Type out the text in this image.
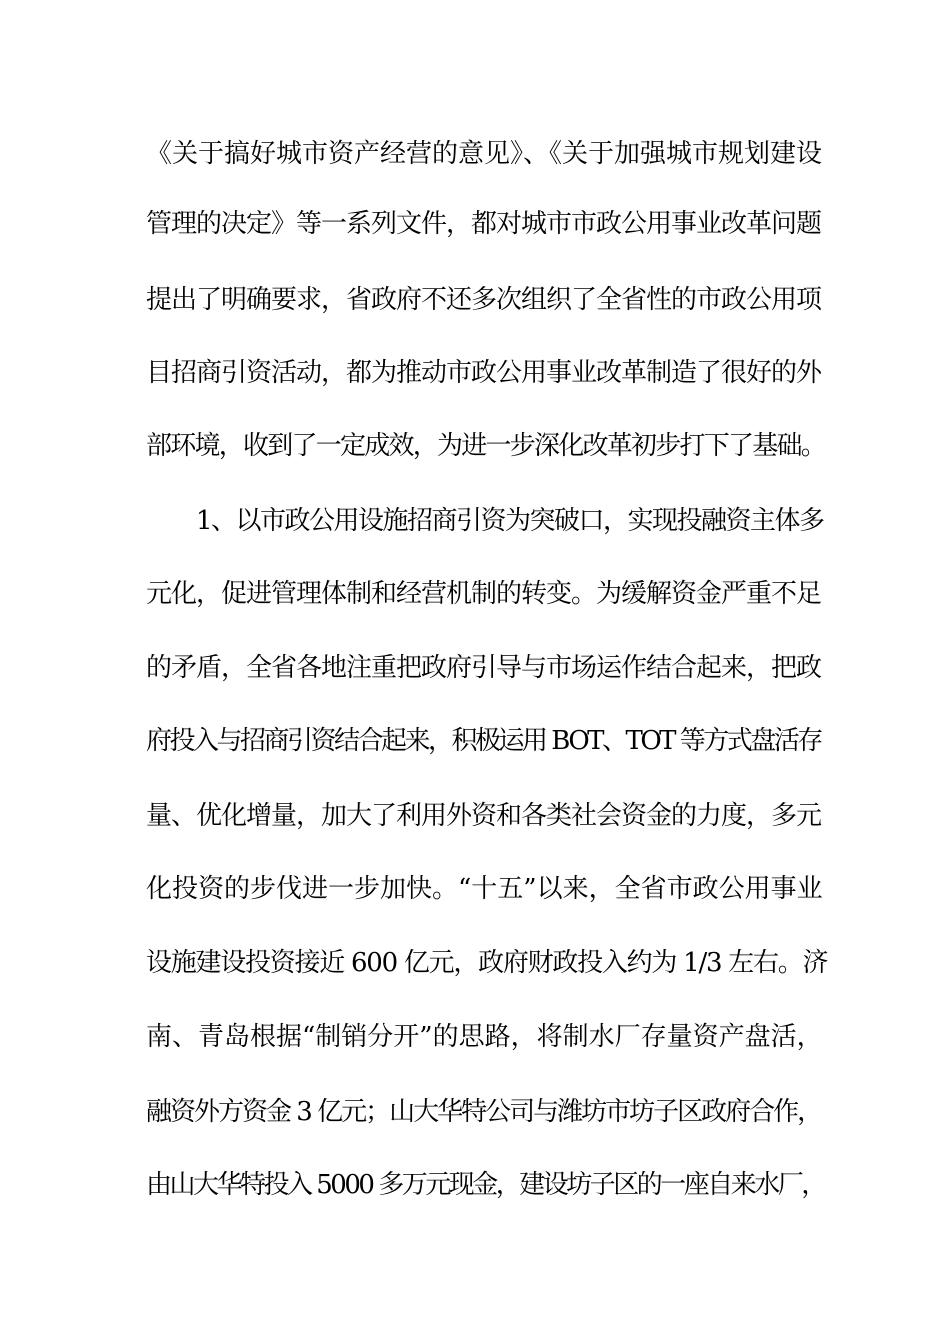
《关于搞好城市资产经营的意见》、《关于加强城市规划建设
管理的决定》等一系列文件，都对城市市政公用事业改革问题
提出了明确要求，省政府不还多次组织了全省性的市政公用项
目招商引资活动，都为推动市政公用事业改革制造了很好的外
部环境，收到了一定成效，为进一步深化改革初步打下了基础。
1、以市政公用设施招商引资为突破口，实现投融资主体多
元化，促进管理体制和经营机制的转变。为缓解资金严重不足
的矛盾，全省各地注重把政府引导与市场运作结合起来，把政
府投入与招商引资结合起来，积极运用 BOT、TOT 等方式盘活存
量、优化增量，加大了利用外资和各类社会资金的力度，多元
化投资的步伐进一步加快。“十五”以来，全省市政公用事业
设施建设投资接近 600 亿元，政府财政投入约为 1/3 左右。济
南、青岛根据“制销分开”的思路，将制水厂存量资产盘活，
融资外方资金 3 亿元；山大华特公司与潍坊市坊子区政府合作，
由山大华特投入 5000 多万元现金，建设坊子区的一座自来水厂，
